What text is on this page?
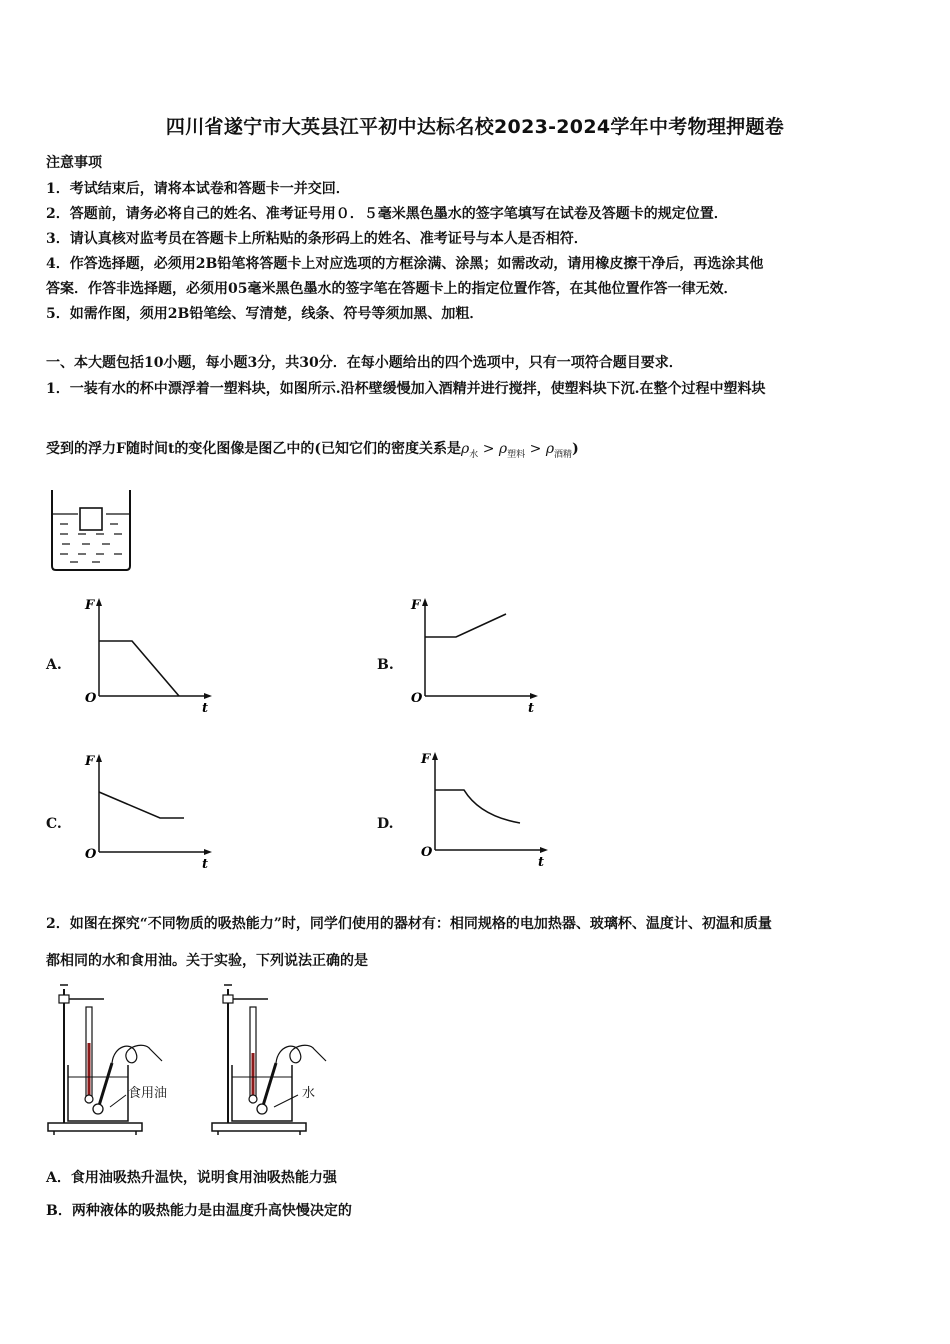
四川省遂宁市大英县江平初中达标名校2023-2024学年中考物理押题卷
注意事项
1．考试结束后，请将本试卷和答题卡一并交回．
2．答题前，请务必将自己的姓名、准考证号用０．５毫米黑色墨水的签字笔填写在试卷及答题卡的规定位置．
3．请认真核对监考员在答题卡上所粘贴的条形码上的姓名、准考证号与本人是否相符．
4．作答选择题，必须用2B铅笔将答题卡上对应选项的方框涂满、涂黑；如需改动，请用橡皮擦干净后，再选涂其他
答案．作答非选择题，必须用05毫米黑色墨水的签字笔在答题卡上的指定位置作答，在其他位置作答一律无效．
5．如需作图，须用2B铅笔绘、写清楚，线条、符号等须加黑、加粗．
一、本大题包括10小题，每小题3分，共30分．在每小题给出的四个选项中，只有一项符合题目要求．
1．一装有水的杯中漂浮着一塑料块，如图所示.沿杯壁缓慢加入酒精并进行搅拌，使塑料块下沉.在整个过程中塑料块
受到的浮力F随时间t的变化图像是图乙中的(已知它们的密度关系是$\rho_水 > \rho_{塑料} > \rho_{酒精}$)
A.
F
O
t
B.
F
O
t
C.
F
O
t
D.
F
O
t
2．如图在探究“不同物质的吸热能力”时，同学们使用的器材有：相同规格的电加热器、玻璃杯、温度计、初温和质量
都相同的水和食用油。关于实验，下列说法正确的是
食用油	水
A．食用油吸热升温快，说明食用油吸热能力强
B．两种液体的吸热能力是由温度升高快慢决定的
